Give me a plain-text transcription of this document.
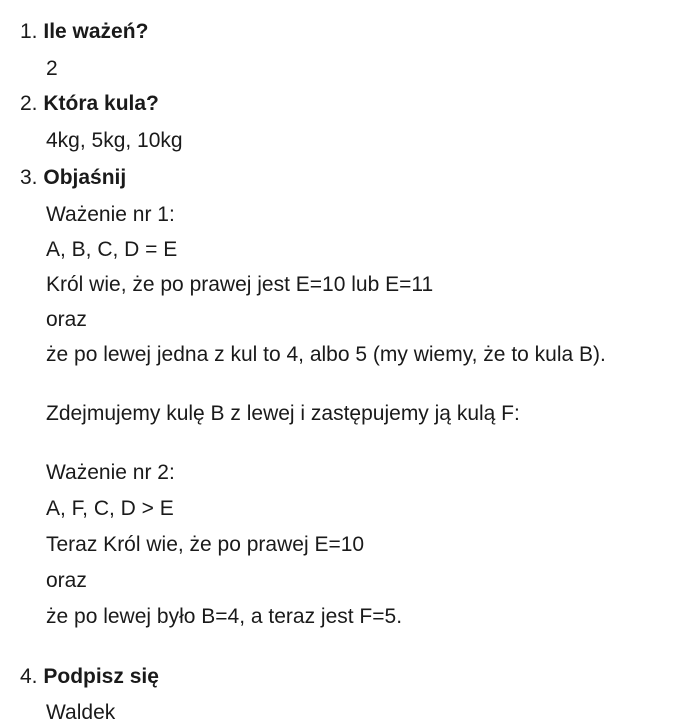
1. Ile ważeń?
2
2. Która kula?
4kg, 5kg, 10kg
3. Objaśnij
Ważenie nr 1:
A, B, C, D = E
Król wie, że po prawej jest E=10 lub E=11
oraz
że po lewej jedna z kul to 4, albo 5 (my wiemy, że to kula B).
Zdejmujemy kulę B z lewej i zastępujemy ją kulą F:
Ważenie nr 2:
A, F, C, D > E
Teraz Król wie, że po prawej E=10
oraz
że po lewej było B=4, a teraz jest F=5.
4. Podpisz się
Waldek
